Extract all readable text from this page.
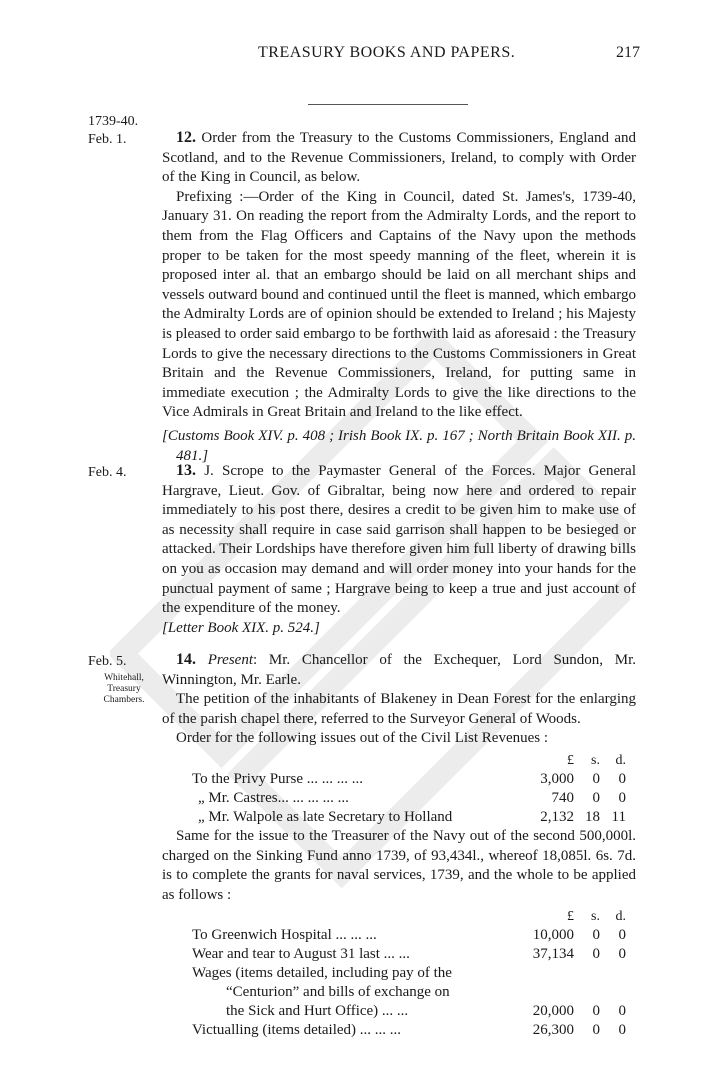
TREASURY BOOKS AND PAPERS.	217
1739-40.
Feb. 1.	12. Order from the Treasury to the Customs Commissioners, England and Scotland, and to the Revenue Commissioners, Ireland, to comply with Order of the King in Council, as below.

Prefixing :—Order of the King in Council, dated St. James's, 1739-40, January 31. On reading the report from the Admiralty Lords, and the report to them from the Flag Officers and Captains of the Navy upon the methods proper to be taken for the most speedy manning of the fleet, wherein it is proposed inter al. that an embargo should be laid on all merchant ships and vessels outward bound and continued until the fleet is manned, which embargo the Admiralty Lords are of opinion should be extended to Ireland ; his Majesty is pleased to order said embargo to be forthwith laid as aforesaid : the Treasury Lords to give the necessary directions to the Customs Commissioners in Great Britain and the Revenue Commissioners, Ireland, for putting same in immediate execution ; the Admiralty Lords to give the like directions to the Vice Admirals in Great Britain and Ireland to the like effect.

[Customs Book XIV. p. 408 ; Irish Book IX. p. 167 ; North Britain Book XII. p. 481.]

Feb. 4.	13. J. Scrope to the Paymaster General of the Forces. Major General Hargrave, Lieut. Gov. of Gibraltar, being now here and ordered to repair immediately to his post there, desires a credit to be given him to make use of as necessity shall require in case said garrison shall happen to be besieged or attacked. Their Lordships have therefore given him full liberty of drawing bills on you as occasion may demand and will order money into your hands for the punctual payment of same ; Hargrave being to keep a true and just account of the expenditure of the money.

[Letter Book XIX. p. 524.]

Feb. 5.
Whitehall,
Treasury
Chambers.

14. Present: Mr. Chancellor of the Exchequer, Lord Sundon, Mr. Winnington, Mr. Earle.

The petition of the inhabitants of Blakeney in Dean Forest for the enlarging of the parish chapel there, referred to the Surveyor General of Woods.

Order for the following issues out of the Civil List Revenues :

	£	s.	d.
To the Privy Purse ... ... ... ...	3,000	0	0
„ Mr. Castres... ... ... ... ...	740	0	0
„ Mr. Walpole as late Secretary to Holland	2,132	18	11

Same for the issue to the Treasurer of the Navy out of the second 500,000l. charged on the Sinking Fund anno 1739, of 93,434l., whereof 18,085l. 6s. 7d. is to complete the grants for naval services, 1739, and the whole to be applied as follows :

	£	s.	d.
To Greenwich Hospital ... ... ...	10,000	0	0
Wear and tear to August 31 last ... ...	37,134	0	0

Wages (items detailed, including pay of the
“Centurion” and bills of exchange on
the Sick and Hurt Office) ... ...	20,000	0	0
Victualling (items detailed) ... ... ...	26,300	0	0
